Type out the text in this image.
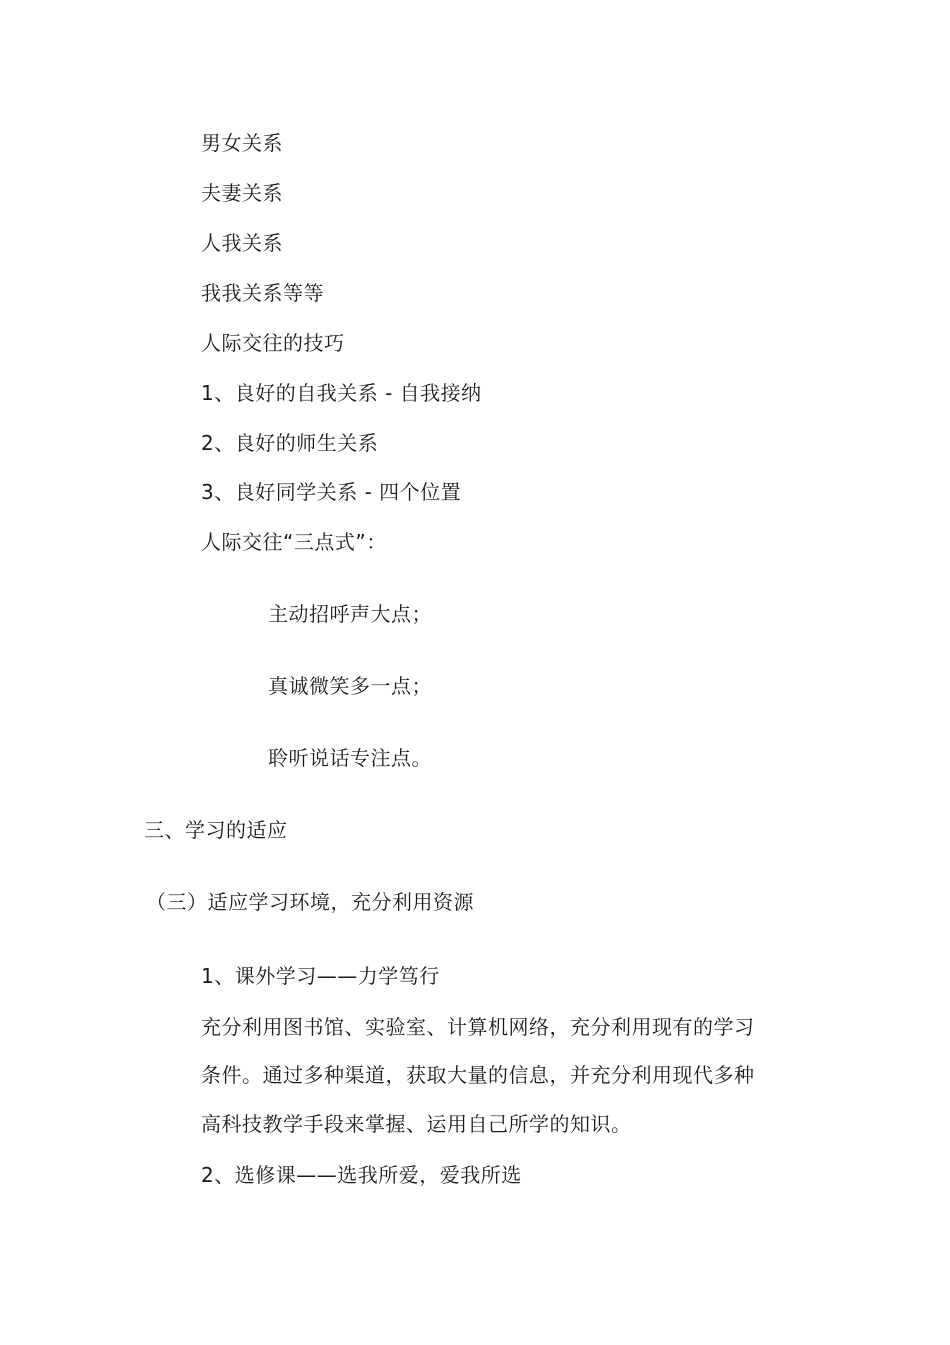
男女关系
夫妻关系
人我关系
我我关系等等
人际交往的技巧
1、良好的自我关系 - 自我接纳
2、良好的师生关系
3、良好同学关系 - 四个位置
人际交往“三点式”：
主动招呼声大点；
真诚微笑多一点；
聆听说话专注点。
三、学习的适应
（三）适应学习环境，充分利用资源
1、课外学习——力学笃行
充分利用图书馆、实验室、计算机网络，充分利用现有的学习
条件。通过多种渠道，获取大量的信息，并充分利用现代多种
高科技教学手段来掌握、运用自己所学的知识。
2、选修课——选我所爱，爱我所选
